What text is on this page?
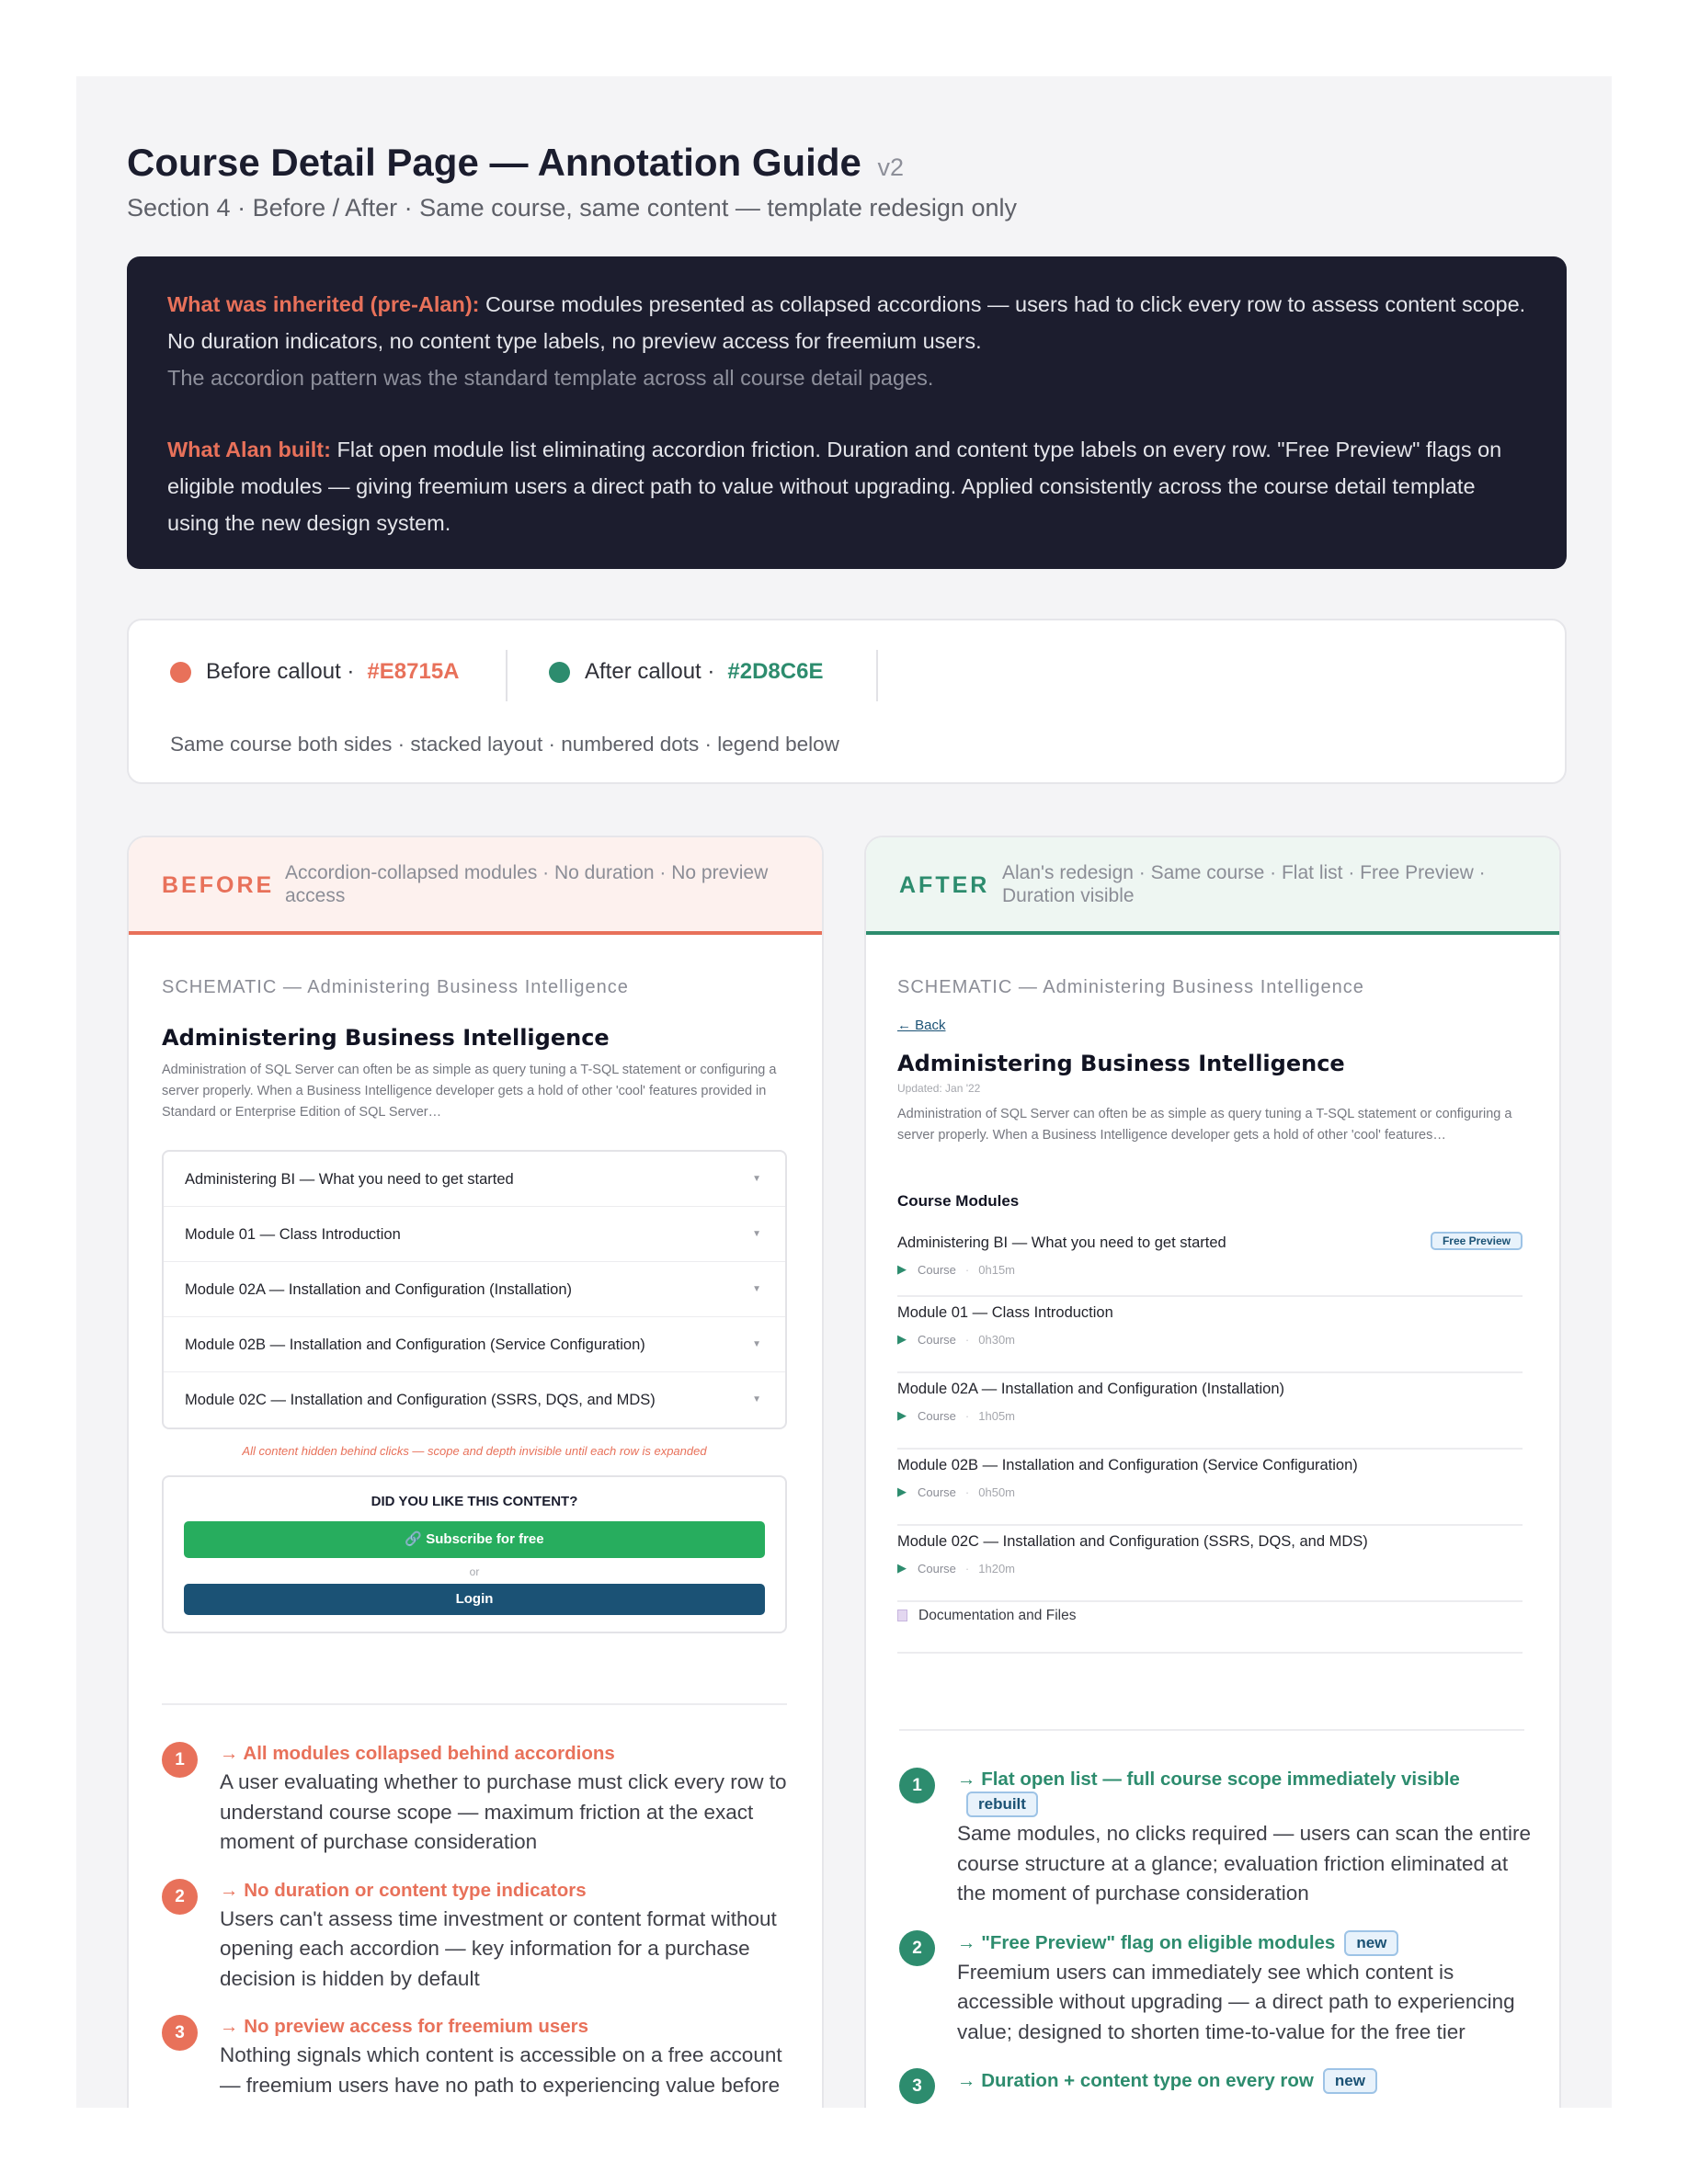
Course Detail Page — Annotation Guide v2
Section 4 · Before / After · Same course, same content — template redesign only
What was inherited (pre-Alan): Course modules presented as collapsed accordions — users had to click every row to assess content scope. No duration indicators, no content type labels, no preview access for freemium users.
The accordion pattern was the standard template across all course detail pages.
What Alan built: Flat open module list eliminating accordion friction. Duration and content type labels on every row. "Free Preview" flags on eligible modules — giving freemium users a direct path to value without upgrading. Applied consistently across the course detail template using the new design system.
Before callout · #E8715A	After callout · #2D8C6E
Same course both sides · stacked layout · numbered dots · legend below
BEFORE Accordion-collapsed modules · No duration · No preview access
SCHEMATIC — Administering Business Intelligence
Administering Business Intelligence
Administration of SQL Server can often be as simple as query tuning a T-SQL statement or configuring a server properly. When a Business Intelligence developer gets a hold of other 'cool' features provided in Standard or Enterprise Edition of SQL Server…
Administering BI — What you need to get started	▼
Module 01 — Class Introduction	▼
Module 02A — Installation and Configuration (Installation)	▼
Module 02B — Installation and Configuration (Service Configuration)	▼
Module 02C — Installation and Configuration (SSRS, DQS, and MDS)	▼
All content hidden behind clicks — scope and depth invisible until each row is expanded
DID YOU LIKE THIS CONTENT?
🔗 Subscribe for free
or
Login
1	→ All modules collapsed behind accordions
A user evaluating whether to purchase must click every row to understand course scope — maximum friction at the exact moment of purchase consideration
2	→ No duration or content type indicators
Users can't assess time investment or content format without opening each accordion — key information for a purchase decision is hidden by default
3	→ No preview access for freemium users
Nothing signals which content is accessible on a free account — freemium users have no path to experiencing value before
AFTER Alan's redesign · Same course · Flat list · Free Preview · Duration visible
SCHEMATIC — Administering Business Intelligence
← Back
Administering Business Intelligence
Updated: Jan '22
Administration of SQL Server can often be as simple as query tuning a T-SQL statement or configuring a server properly. When a Business Intelligence developer gets a hold of other 'cool' features…
Course Modules
Administering BI — What you need to get started	Free Preview
▶ Course · 0h15m
Module 01 — Class Introduction
▶ Course · 0h30m
Module 02A — Installation and Configuration (Installation)
▶ Course · 1h05m
Module 02B — Installation and Configuration (Service Configuration)
▶ Course · 0h50m
Module 02C — Installation and Configuration (SSRS, DQS, and MDS)
▶ Course · 1h20m
Documentation and Files
1	→ Flat open list — full course scope immediately visiblerebuilt
Same modules, no clicks required — users can scan the entire course structure at a glance; evaluation friction eliminated at the moment of purchase consideration
2	→ "Free Preview" flag on eligible modules new
Freemium users can immediately see which content is accessible without upgrading — a direct path to experiencing value; designed to shorten time-to-value for the free tier
3	→ Duration + content type on every row new
